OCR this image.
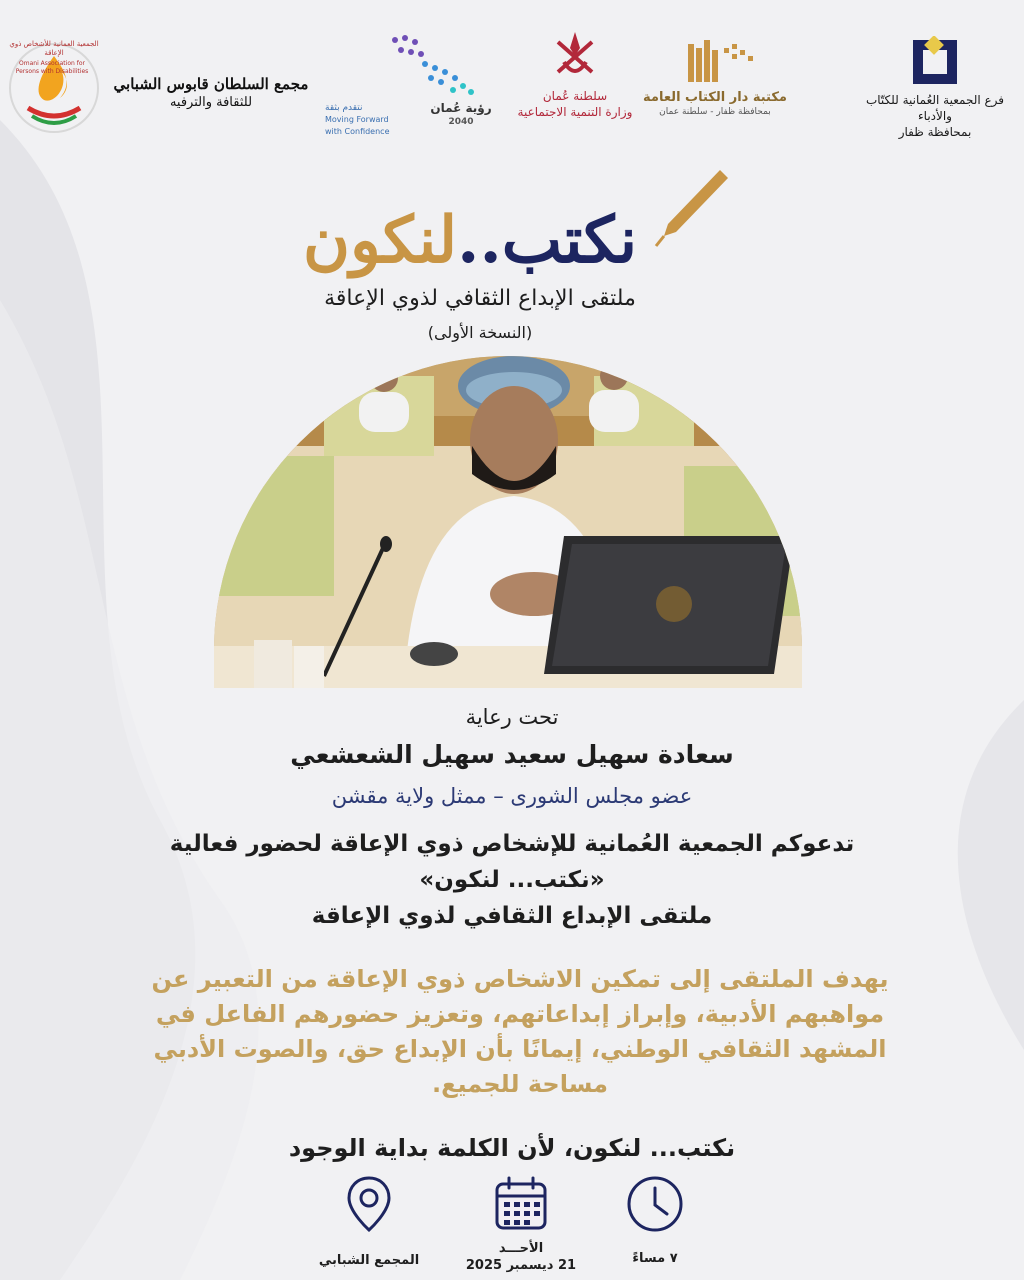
فرع الجمعية العُمانية للكتّاب والأدباء
بمحافظة ظفار
مكتبة دار الكتاب العامة
بمحافظة ظفار - سلطنة عمان
سلطنة عُمان
وزارة التنمية الاجتماعية
نتقدم بثقة
Moving Forward with Confidence
رؤية عُمان
2040
مجمع السلطان قابوس الشبابي
للثقافة والترفيه
الجمعية العمانية للأشخاص ذوي الإعاقة
Omani Association for Persons with Disabilities
نكتب..لنكون
ملتقى الإبداع الثقافي لذوي الإعاقة
(النسخة الأولى)
تحت رعاية
سعادة سهيل سعيد سهيل الشعشعي
عضو مجلس الشورى – ممثل ولاية مقشن
تدعوكم الجمعية العُمانية للإشخاص ذوي الإعاقة لحضور فعالية
«نكتب... لنكون»
ملتقى الإبداع الثقافي لذوي الإعاقة
يهدف الملتقى إلى تمكين الاشخاص ذوي الإعاقة من التعبير عن
مواهبهم الأدبية، وإبراز إبداعاتهم، وتعزيز حضورهم الفاعل في
المشهد الثقافي الوطني، إيمانًا بأن الإبداع حق، والصوت الأدبي
مساحة للجميع.
نكتب... لنكون، لأن الكلمة بداية الوجود
٧ مساءً
الأحـــد
21 ديسمبر 2025
المجمع الشبابي
